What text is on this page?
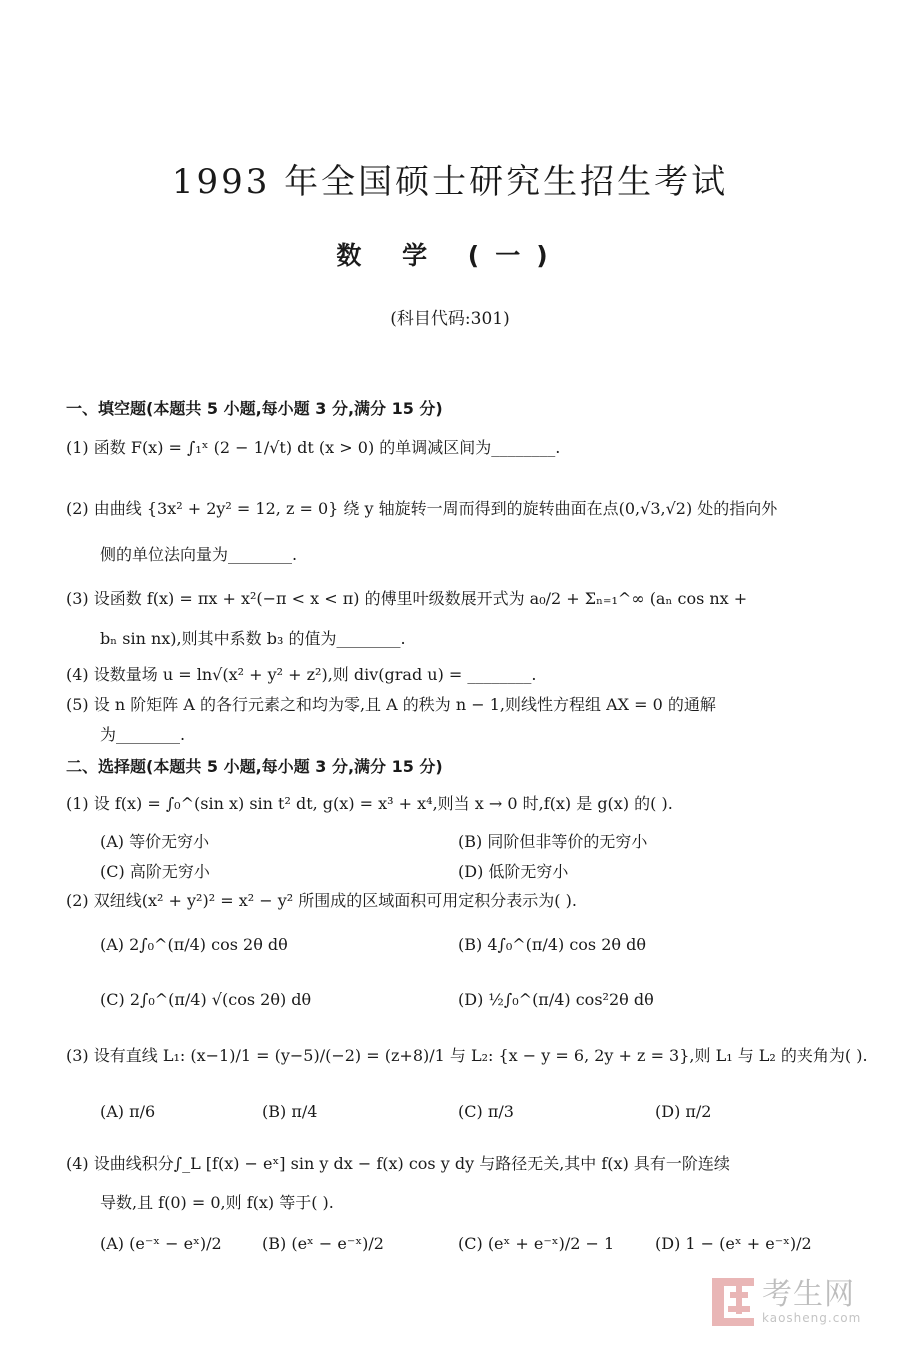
1993 年全国硕士研究生招生考试
数 学 (一)
(科目代码:301)
一、填空题(本题共 5 小题,每小题 3 分,满分 15 分)
(1) 函数 F(x) = ∫₁ˣ (2 − 1/√t) dt (x > 0) 的单调减区间为________.
(2) 由曲线 {3x² + 2y² = 12, z = 0} 绕 y 轴旋转一周而得到的旋转曲面在点(0,√3,√2) 处的指向外
侧的单位法向量为________.
(3) 设函数 f(x) = πx + x²(−π < x < π) 的傅里叶级数展开式为 a₀/2 + Σₙ₌₁^∞ (aₙ cos nx +
bₙ sin nx),则其中系数 b₃ 的值为________.
(4) 设数量场 u = ln√(x² + y² + z²),则 div(grad u) = ________.
(5) 设 n 阶矩阵 A 的各行元素之和均为零,且 A 的秩为 n − 1,则线性方程组 AX = 0 的通解
为________.
二、选择题(本题共 5 小题,每小题 3 分,满分 15 分)
(1) 设 f(x) = ∫₀^(sin x) sin t² dt, g(x) = x³ + x⁴,则当 x → 0 时,f(x) 是 g(x) 的( ).
(A) 等价无穷小	(B) 同阶但非等价的无穷小
(C) 高阶无穷小	(D) 低阶无穷小
(2) 双纽线(x² + y²)² = x² − y² 所围成的区域面积可用定积分表示为( ).
(A) 2∫₀^(π/4) cos 2θ dθ	(B) 4∫₀^(π/4) cos 2θ dθ
(C) 2∫₀^(π/4) √(cos 2θ) dθ	(D) ½∫₀^(π/4) cos²2θ dθ
(3) 设有直线 L₁: (x−1)/1 = (y−5)/(−2) = (z+8)/1 与 L₂: {x − y = 6, 2y + z = 3},则 L₁ 与 L₂ 的夹角为( ).
(A) π/6	(B) π/4	(C) π/3	(D) π/2
(4) 设曲线积分∫_L [f(x) − eˣ] sin y dx − f(x) cos y dy 与路径无关,其中 f(x) 具有一阶连续
导数,且 f(0) = 0,则 f(x) 等于( ).
(A) (e⁻ˣ − eˣ)/2	(B) (eˣ − e⁻ˣ)/2	(C) (eˣ + e⁻ˣ)/2 − 1	(D) 1 − (eˣ + e⁻ˣ)/2
考生网
kaosheng.com
